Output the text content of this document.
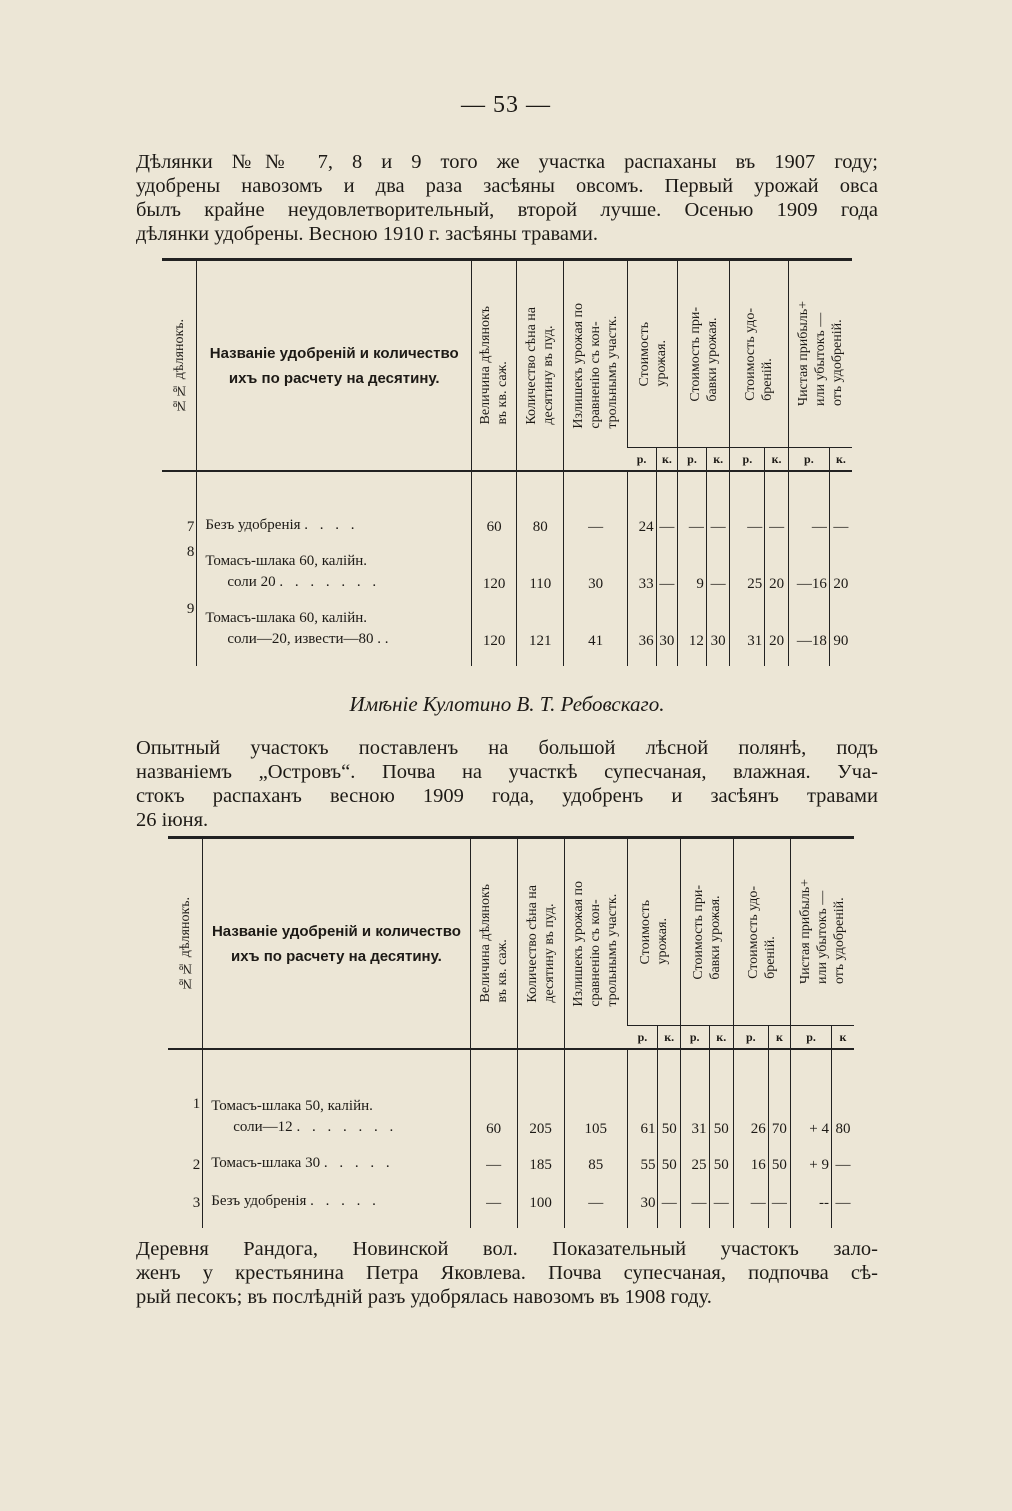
— 53 —
Дѣлянки №№ 7, 8 и 9 того же участка распаханы въ 1907 году;
удобрены навозомъ и два раза засѣяны овсомъ. Первый урожай овса
былъ крайне неудовлетворительный, второй лучше. Осенью 1909 года
дѣлянки удобрены. Весною 1910 г. засѣяны травами.
№№ дѣлянокъ.	Названіе удобреній и количество ихъ по расчету на десятину.	Величина дѣлянокъ
въ кв. саж.	Количество сѣна на
десятину въ пуд.	Излишекъ урожая по
сравненію съ кон-
трольнымъ участк.	Стоимость
урожая.		Стоимость при-
бавки урожая.		Стоимость удо-
бреній.		Чистая прибыль+
или убытокъ —
отъ удобреній.	

					р.	к.	р.	к.	р.	к.	р.	к.

7	Безъ удобренія . . . .	60	80	—	24	—	—	—	—	—	—	—
8	Томасъ-шлака 60, калійн.
соли 20 . . . . . . .	120	110	30	33	—	9	—	25	20	—16	20
9	Томасъ-шлака 60, калійн.
соли—20, извести—80 . .	120	121	41	36	30	12	30	31	20	—18	90

Имѣніе Кулотино В. Т. Ребовскаго.
Опытный участокъ поставленъ на большой лѣсной полянѣ, подъ
названіемъ „Островъ“. Почва на участкѣ супесчаная, влажная. Уча-
стокъ распаханъ весною 1909 года, удобренъ и засѣянъ травами
26 іюня.
№№ дѣлянокъ.	Названіе удобреній и количество ихъ по расчету на десятину.	Величина дѣлянокъ
въ кв. саж.	Количество сѣна на
десятину въ пуд.	Излишекъ урожая по
сравненію съ кон-
трольнымъ участк.	Стоимость
урожая.		Стоимость при-
бавки урожая.		Стоимость удо-
бреній.		Чистая прибыль+
или убытокъ —
отъ удобреній.	

					р.	к.	р.	к.	р.	к	р.	к

1	Томасъ-шлака 50, калійн.
соли—12 . . . . . . .	60	205	105	61	50	31	50	26	70	+ 4	80
2	Томасъ-шлака 30 . . . . .	—	185	85	55	50	25	50	16	50	+ 9	—
3	Безъ удобренія . . . . .	—	100	—	30	—	—	—	—	—	--	—

Деревня Рандога, Новинской вол. Показательный участокъ зало-
женъ у крестьянина Петра Яковлева. Почва супесчаная, подпочва сѣ-
рый песокъ; въ послѣдній разъ удобрялась навозомъ въ 1908 году.
